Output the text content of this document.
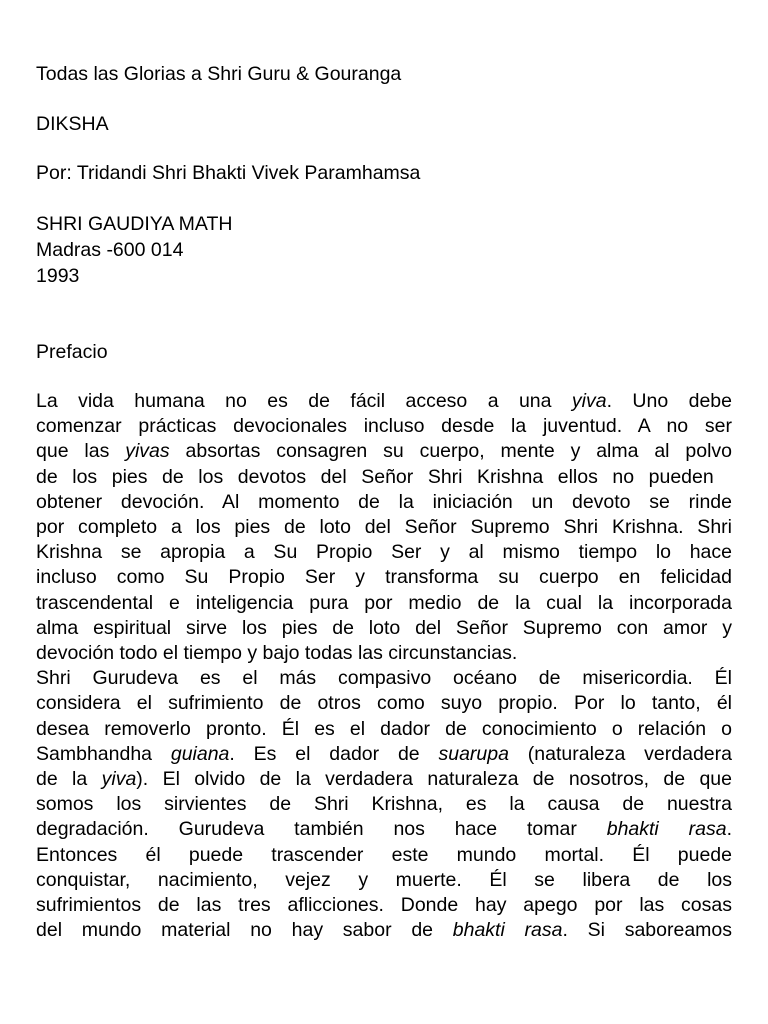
Todas las Glorias a Shri Guru & Gouranga
DIKSHA
Por: Tridandi Shri Bhakti Vivek Paramhamsa
SHRI GAUDIYA MATH
Madras -600 014
1993
Prefacio
La vida humana no es de fácil acceso a una yiva. Uno debe
comenzar prácticas devocionales incluso desde la juventud. A no ser
que las yivas absortas consagren su cuerpo, mente y alma al polvo
de los pies de los devotos del Señor Shri Krishna ellos no pueden
obtener devoción. Al momento de la iniciación un devoto se rinde
por completo a los pies de loto del Señor Supremo Shri Krishna. Shri
Krishna se apropia a Su Propio Ser y al mismo tiempo lo hace
incluso como Su Propio Ser y transforma su cuerpo en felicidad
trascendental e inteligencia pura por medio de la cual la incorporada
alma espiritual sirve los pies de loto del Señor Supremo con amor y
devoción todo el tiempo y bajo todas las circunstancias.
Shri Gurudeva es el más compasivo océano de misericordia. Él
considera el sufrimiento de otros como suyo propio. Por lo tanto, él
desea removerlo pronto. Él es el dador de conocimiento o relación o
Sambhandha guiana. Es el dador de suarupa (naturaleza verdadera
de la yiva). El olvido de la verdadera naturaleza de nosotros, de que
somos los sirvientes de Shri Krishna, es la causa de nuestra
degradación. Gurudeva también nos hace tomar bhakti rasa.
Entonces él puede trascender este mundo mortal. Él puede
conquistar, nacimiento, vejez y muerte. Él se libera de los
sufrimientos de las tres aflicciones. Donde hay apego por las cosas
del mundo material no hay sabor de bhakti rasa. Si saboreamos
